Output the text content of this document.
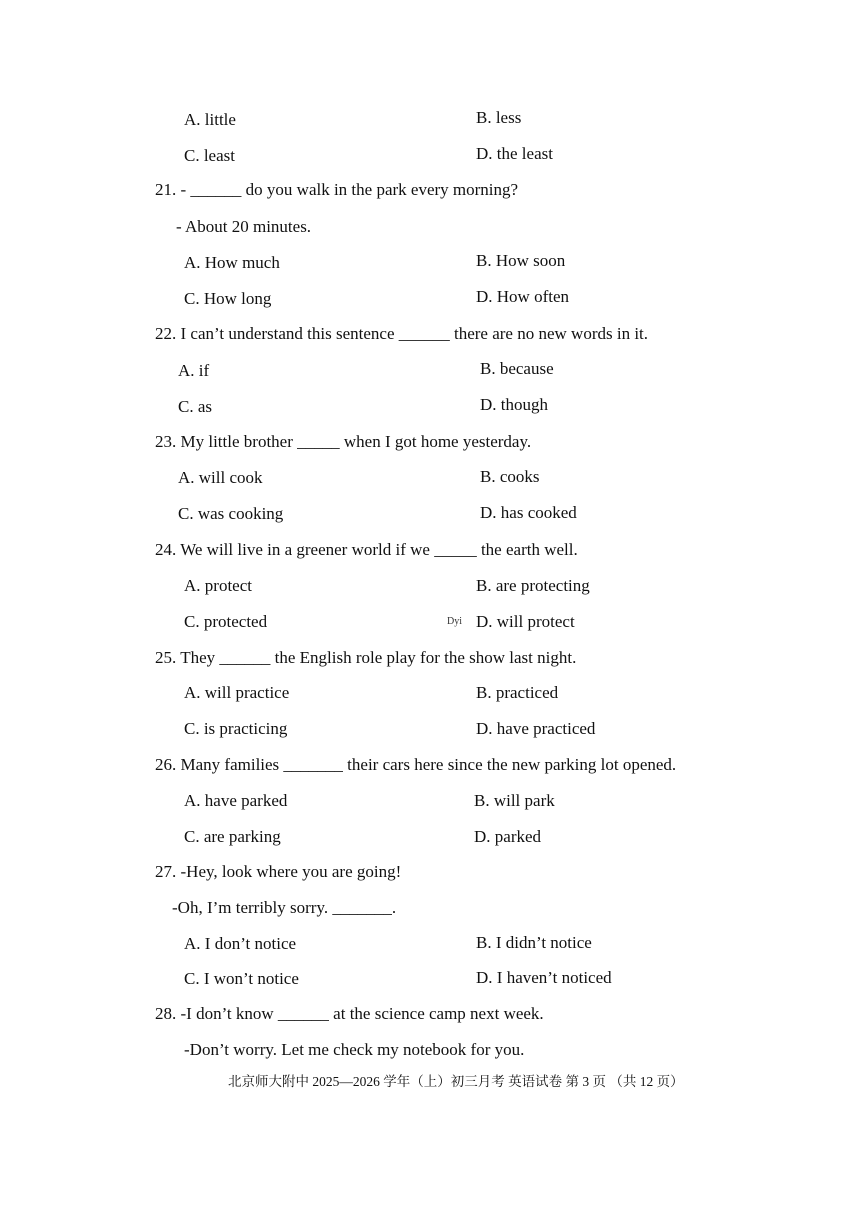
A. little	B. less
C. least	D. the least
21. - ______ do you walk in the park every morning?
- About 20 minutes.
A. How much	B. How soon
C. How long	D. How often
22. I can’t understand this sentence ______ there are no new words in it.
A. if	B. because
C. as	D. though
23. My little brother _____ when I got home yesterday.
A. will cook	B. cooks
C. was cooking	D. has cooked
24. We will live in a greener world if we _____ the earth well.
A. protect	B. are protecting
C. protected	D. will protect
25. They ______ the English role play for the show last night.
A. will practice	B. practiced
C. is practicing	D. have practiced
26. Many families _______ their cars here since the new parking lot opened.
A. have parked	B. will park
C. are parking	D. parked
27. -Hey, look where you are going!
-Oh, I’m terribly sorry. _______.
A. I don’t notice	B. I didn’t notice
C. I won’t notice	D. I haven’t noticed
28. -I don’t know ______ at the science camp next week.
-Don’t worry. Let me check my notebook for you.
Dyi
北京师大附中 2025—2026 学年（上）初三月考 英语试卷 第 3 页 （共 12 页）
